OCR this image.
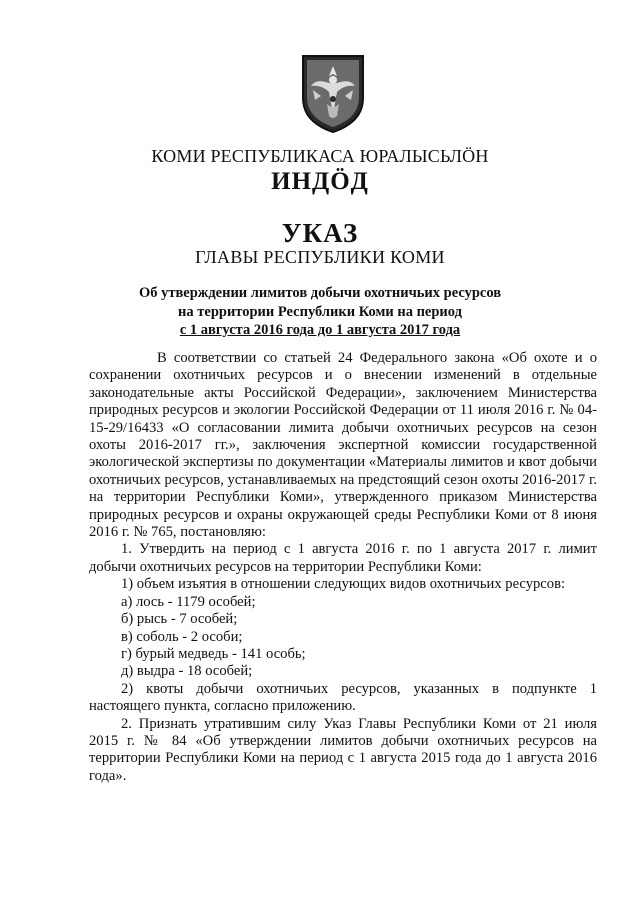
КОМИ РЕСПУБЛИКАСА ЮРАЛЫСЬЛÖН
ИНДÖД
УКАЗ
ГЛАВЫ РЕСПУБЛИКИ КОМИ
Об утверждении лимитов добычи охотничьих ресурсов
на территории Республики Коми на период
с 1 августа 2016 года до 1 августа 2017 года

В соответствии со статьей 24 Федерального закона «Об охоте и о сохранении охотничьих ресурсов и о внесении изменений в отдельные законодательные акты Российской Федерации», заключением Министерства природных ресурсов и экологии Российской Федерации от 11 июля 2016 г. № 04-15-29/16433 «О согласовании лимита добычи охотничьих ресурсов на сезон охоты 2016-2017 гг.», заключения экспертной комиссии государственной экологической экспертизы по документации «Материалы лимитов и квот добычи охотничьих ресурсов, устанавливаемых на предстоящий сезон охоты 2016-2017 г. на территории Республики Коми», утвержденного приказом Министерства природных ресурсов и охраны окружающей среды Республики Коми от 8 июня 2016 г. № 765, постановляю:

1. Утвердить на период с 1 августа 2016 г. по 1 августа 2017 г. лимит добычи охотничьих ресурсов на территории Республики Коми:

1) объем изъятия в отношении следующих видов охотничьих ресурсов:

а) лось - 1179 особей;

б) рысь - 7 особей;

в) соболь - 2 особи;

г) бурый медведь - 141 особь;

д) выдра - 18 особей;

2) квоты добычи охотничьих ресурсов, указанных в подпункте 1 настоящего пункта, согласно приложению.

2. Признать утратившим силу Указ Главы Республики Коми от 21 июля 2015 г. № 84 «Об утверждении лимитов добычи охотничьих ресурсов на территории Республики Коми на период с 1 августа 2015 года до 1 августа 2016 года».
